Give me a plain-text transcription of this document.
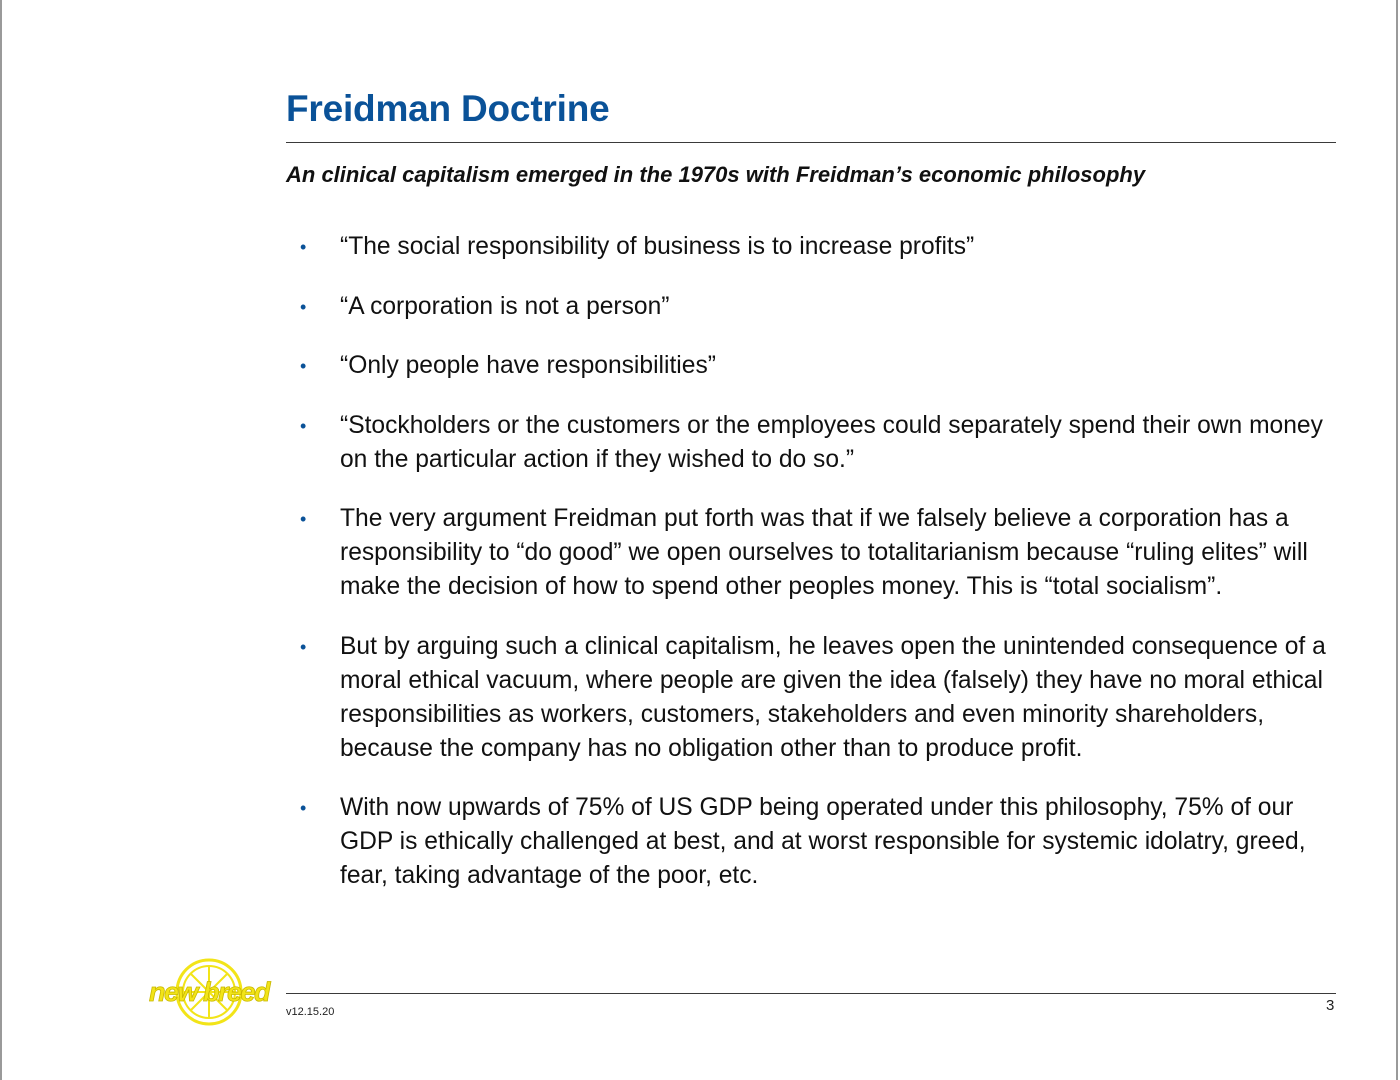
Freidman Doctrine
An clinical capitalism emerged in the 1970s with Freidman’s economic philosophy
• “The social responsibility of business is to increase profits”
• “A corporation is not a person”
• “Only people have responsibilities”
• “Stockholders or the customers or the employees could separately spend their own money on the particular action if they wished to do so.”
• The very argument Freidman put forth was that if we falsely believe a corporation has a responsibility to “do good” we open ourselves to totalitarianism because “ruling elites” will make the decision of how to spend other peoples money. This is “total socialism”.
• But by arguing such a clinical capitalism, he leaves open the unintended consequence of a moral ethical vacuum, where people are given the idea (falsely) they have no moral ethical responsibilities as workers, customers, stakeholders and even minority shareholders, because the company has no obligation other than to produce profit.
• With now upwards of 75% of US GDP being operated under this philosophy, 75% of our GDP is ethically challenged at best, and at worst responsible for systemic idolatry, greed, fear, taking advantage of the poor, etc.
v12.15.20	3
new breed
